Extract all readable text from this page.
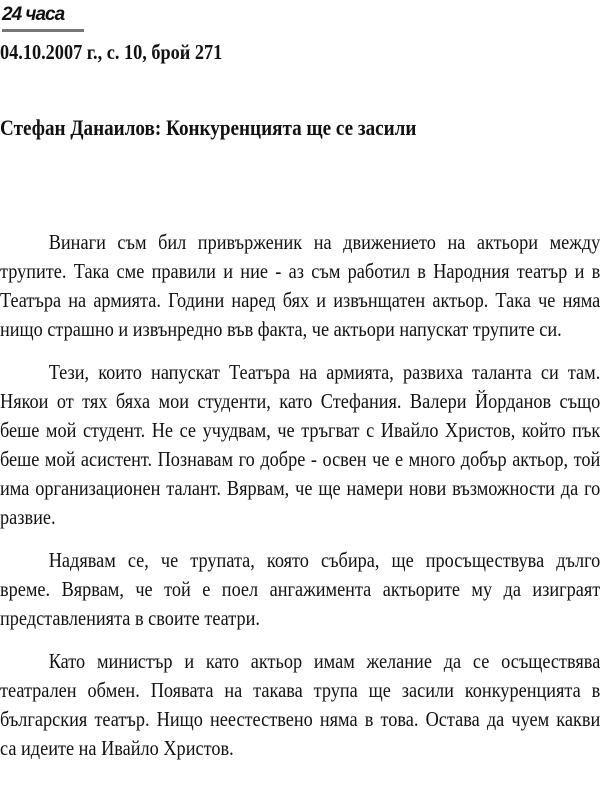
24 часа
04.10.2007 г., с. 10, брой 271
Стефан Данаилов: Конкуренцията ще се засили
Винаги съм бил привърженик на движението на актьори между
трупите. Така сме правили и ние - аз съм работил в Народния театър и в
Театъра на армията. Години наред бях и извънщатен актьор. Така че няма
нищо страшно и извънредно във факта, че актьори напускат трупите си.
Тези, които напускат Театъра на армията, развиха таланта си там.
Някои от тях бяха мои студенти, като Стефания. Валери Йорданов също
беше мой студент. Не се учудвам, че тръгват с Ивайло Христов, който пък
беше мой асистент. Познавам го добре - освен че е много добър актьор, той
има организационен талант. Вярвам, че ще намери нови възможности да го
развие.
Надявам се, че трупата, която събира, ще просъществува дълго
време. Вярвам, че той е поел ангажимента актьорите му да изиграят
представленията в своите театри.
Като министър и като актьор имам желание да се осъществява
театрален обмен. Появата на такава трупа ще засили конкуренцията в
българския театър. Нищо неестествено няма в това. Остава да чуем какви
са идеите на Ивайло Христов.
